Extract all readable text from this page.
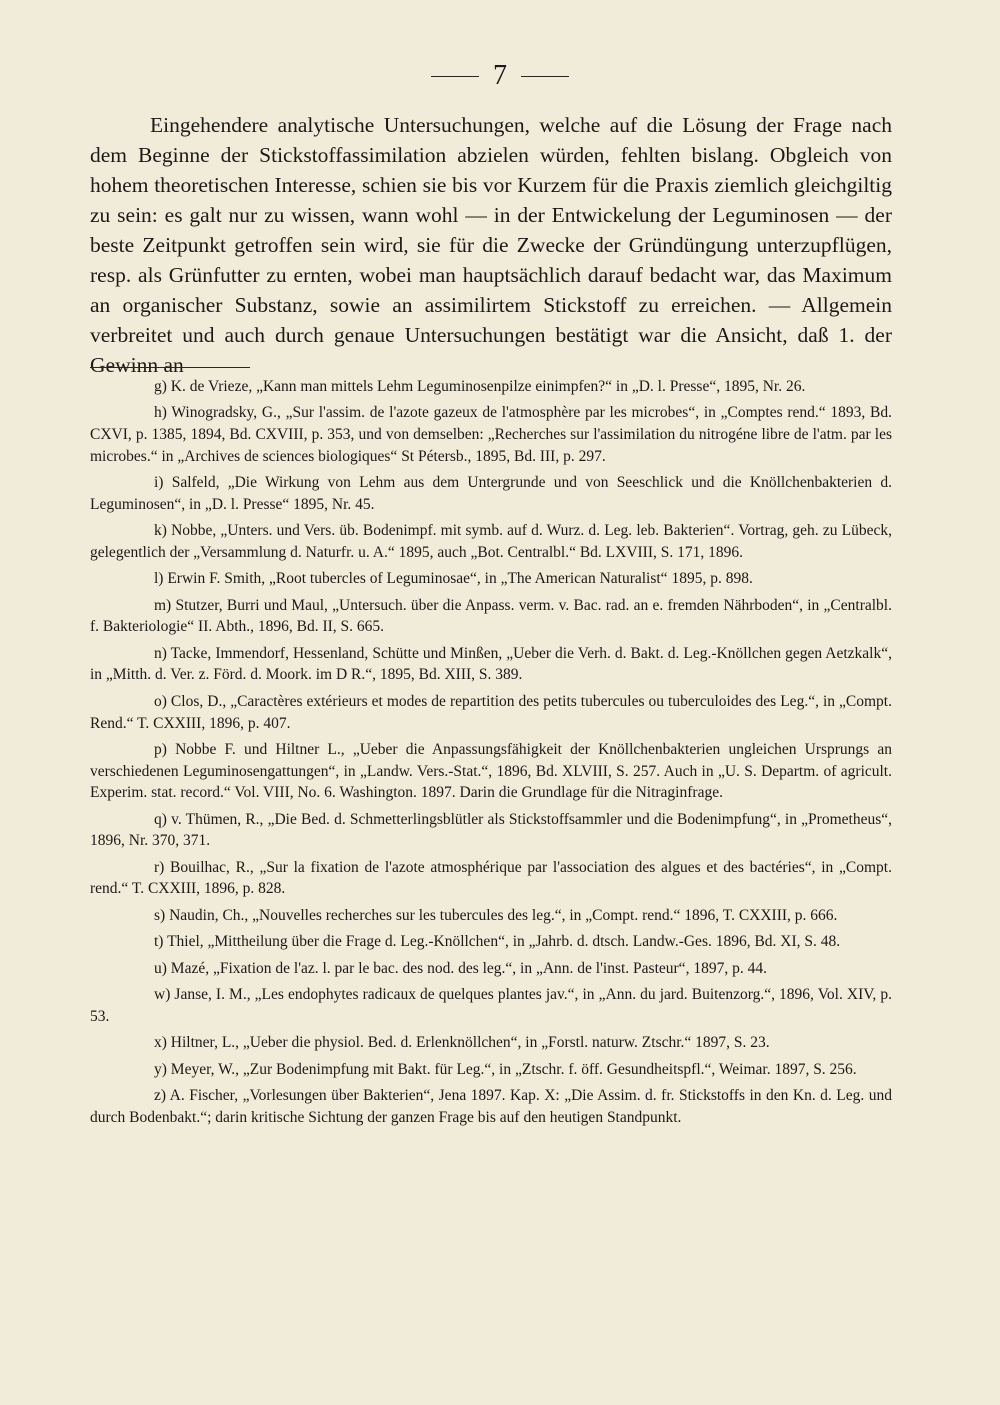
7

Eingehendere analytische Untersuchungen, welche auf die Lösung der Frage nach dem Beginne der Stickstoffassimilation abzielen würden, fehlten bislang. Obgleich von hohem theoretischen Interesse, schien sie bis vor Kurzem für die Praxis ziemlich gleichgiltig zu sein: es galt nur zu wissen, wann wohl — in der Entwickelung der Leguminosen — der beste Zeitpunkt getroffen sein wird, sie für die Zwecke der Gründüngung unterzupflügen, resp. als Grünfutter zu ernten, wobei man hauptsächlich darauf bedacht war, das Maximum an organischer Substanz, sowie an assimilirtem Stickstoff zu erreichen. — Allgemein verbreitet und auch durch genaue Untersuchungen bestätigt war die Ansicht, daß 1. der Gewinn an

g) K. de Vrieze, „Kann man mittels Lehm Leguminosenpilze einimpfen?“ in „D. l. Presse“, 1895, Nr. 26.

h) Winogradsky, G., „Sur l'assim. de l'azote gazeux de l'atmosphère par les microbes“, in „Comptes rend.“ 1893, Bd. CXVI, p. 1385, 1894, Bd. CXVIII, p. 353, und von demselben: „Recherches sur l'assimilation du nitrogéne libre de l'atm. par les microbes.“ in „Archives de sciences biologiques“ St Pétersb., 1895, Bd. III, p. 297.

i) Salfeld, „Die Wirkung von Lehm aus dem Untergrunde und von Seeschlick und die Knöllchenbakterien d. Leguminosen“, in „D. l. Presse“ 1895, Nr. 45.

k) Nobbe, „Unters. und Vers. üb. Bodenimpf. mit symb. auf d. Wurz. d. Leg. leb. Bakterien“. Vortrag, geh. zu Lübeck, gelegentlich der „Versammlung d. Naturfr. u. A.“ 1895, auch „Bot. Centralbl.“ Bd. LXVIII, S. 171, 1896.

l) Erwin F. Smith, „Root tubercles of Leguminosae“, in „The American Naturalist“ 1895, p. 898.

m) Stutzer, Burri und Maul, „Untersuch. über die Anpass. verm. v. Bac. rad. an e. fremden Nährboden“, in „Centralbl. f. Bakteriologie“ II. Abth., 1896, Bd. II, S. 665.

n) Tacke, Immendorf, Hessenland, Schütte und Minßen, „Ueber die Verh. d. Bakt. d. Leg.-Knöllchen gegen Aetzkalk“, in „Mitth. d. Ver. z. Förd. d. Moork. im D R.“, 1895, Bd. XIII, S. 389.

o) Clos, D., „Caractères extérieurs et modes de repartition des petits tubercules ou tuberculoides des Leg.“, in „Compt. Rend.“ T. CXXIII, 1896, p. 407.

p) Nobbe F. und Hiltner L., „Ueber die Anpassungsfähigkeit der Knöllchenbakterien ungleichen Ursprungs an verschiedenen Leguminosengattungen“, in „Landw. Vers.-Stat.“, 1896, Bd. XLVIII, S. 257. Auch in „U. S. Departm. of agricult. Experim. stat. record.“ Vol. VIII, No. 6. Washington. 1897. Darin die Grundlage für die Nitraginfrage.

q) v. Thümen, R., „Die Bed. d. Schmetterlingsblütler als Stickstoffsammler und die Bodenimpfung“, in „Prometheus“, 1896, Nr. 370, 371.

r) Bouilhac, R., „Sur la fixation de l'azote atmosphérique par l'association des algues et des bactéries“, in „Compt. rend.“ T. CXXIII, 1896, p. 828.

s) Naudin, Ch., „Nouvelles recherches sur les tubercules des leg.“, in „Compt. rend.“ 1896, T. CXXIII, p. 666.

t) Thiel, „Mittheilung über die Frage d. Leg.-Knöllchen“, in „Jahrb. d. dtsch. Landw.-Ges. 1896, Bd. XI, S. 48.

u) Mazé, „Fixation de l'az. l. par le bac. des nod. des leg.“, in „Ann. de l'inst. Pasteur“, 1897, p. 44.

w) Janse, I. M., „Les endophytes radicaux de quelques plantes jav.“, in „Ann. du jard. Buitenzorg.“, 1896, Vol. XIV, p. 53.

x) Hiltner, L., „Ueber die physiol. Bed. d. Erlenknöllchen“, in „Forstl. naturw. Ztschr.“ 1897, S. 23.

y) Meyer, W., „Zur Bodenimpfung mit Bakt. für Leg.“, in „Ztschr. f. öff. Gesundheitspfl.“, Weimar. 1897, S. 256.

z) A. Fischer, „Vorlesungen über Bakterien“, Jena 1897. Kap. X: „Die Assim. d. fr. Stickstoffs in den Kn. d. Leg. und durch Bodenbakt.“; darin kritische Sichtung der ganzen Frage bis auf den heutigen Standpunkt.
